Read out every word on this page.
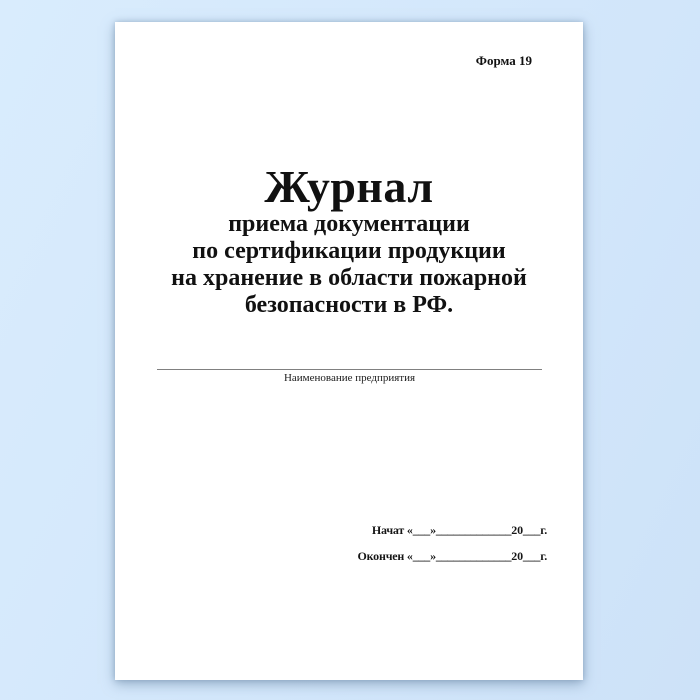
Форма 19
Журнал
приема документации
по сертификации продукции
на хранение в области пожарной
безопасности в РФ.
Наименование предприятия
Начат «___»_____________20___г.
Окончен «___»_____________20___г.
